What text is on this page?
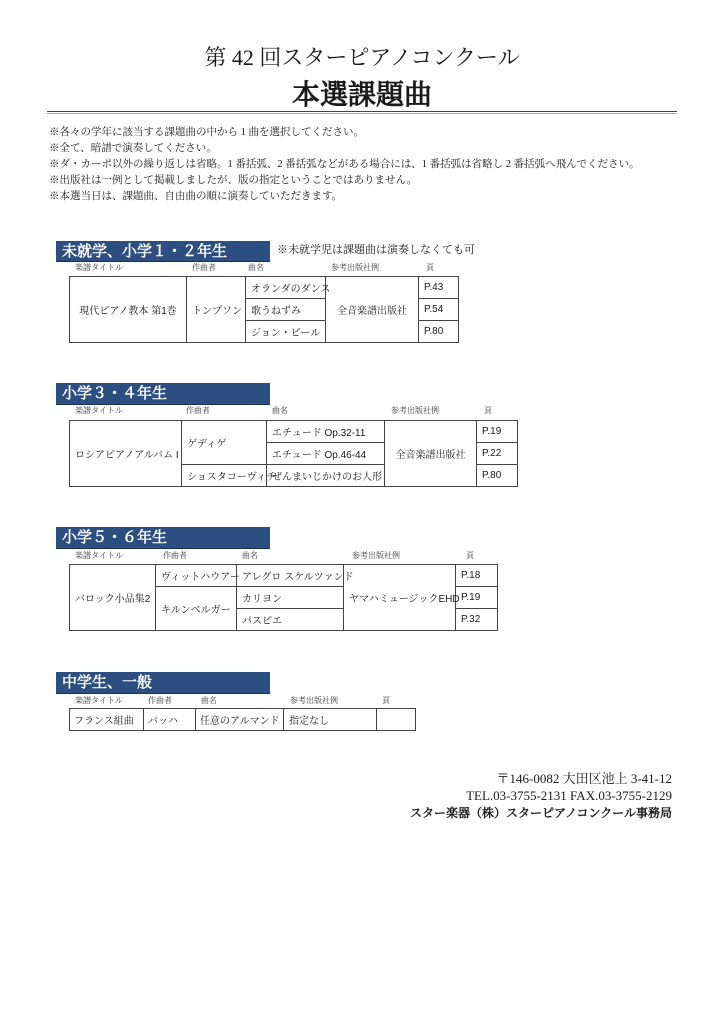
第 42 回スターピアノコンクール
本選課題曲
※各々の学年に該当する課題曲の中から 1 曲を選択してください。
※全て、暗譜で演奏してください。
※ダ・カーポ以外の繰り返しは省略。1 番括弧、2 番括弧などがある場合には、1 番括弧は省略し 2 番括弧へ飛んでください。
※出版社は一例として掲載しましたが、版の指定ということではありません。
※本選当日は、課題曲、自由曲の順に演奏していただきます。
未就学、小学１・２年生	※未就学児は課題曲は演奏しなくても可
楽譜タイトル	作曲者	曲名	参考出版社例	頁
現代ピアノ教本 第1巻	トンプソン	オランダのダンス	全音楽譜出版社	P.43
		歌うねずみ		P.54
		ジョン・ピール		P.80
小学３・４年生
楽譜タイトル	作曲者	曲名	参考出版社例	頁
ロシアピアノアルバム I	ゲディゲ	エチュード Op.32-11	全音楽譜出版社	P.19
		エチュード Op.46-44		P.22
	ショスタコーヴィチ	ぜんまいじかけのお人形		P.80
小学５・６年生
楽譜タイトル	作曲者	曲名	参考出版社例	頁
バロック小品集2	ヴィットハウアー	アレグロ スケルツァンド	ヤマハミュージックEHD	P.18
	キルンベルガー	カリヨン		P.19
		パスピエ		P.32
中学生、一般
楽譜タイトル	作曲者	曲名	参考出版社例	頁
フランス組曲	バッハ	任意のアルマンド	指定なし	
〒146-0082 大田区池上 3-41-12
TEL.03-3755-2131 FAX.03-3755-2129
スター楽器（株）スターピアノコンクール事務局
